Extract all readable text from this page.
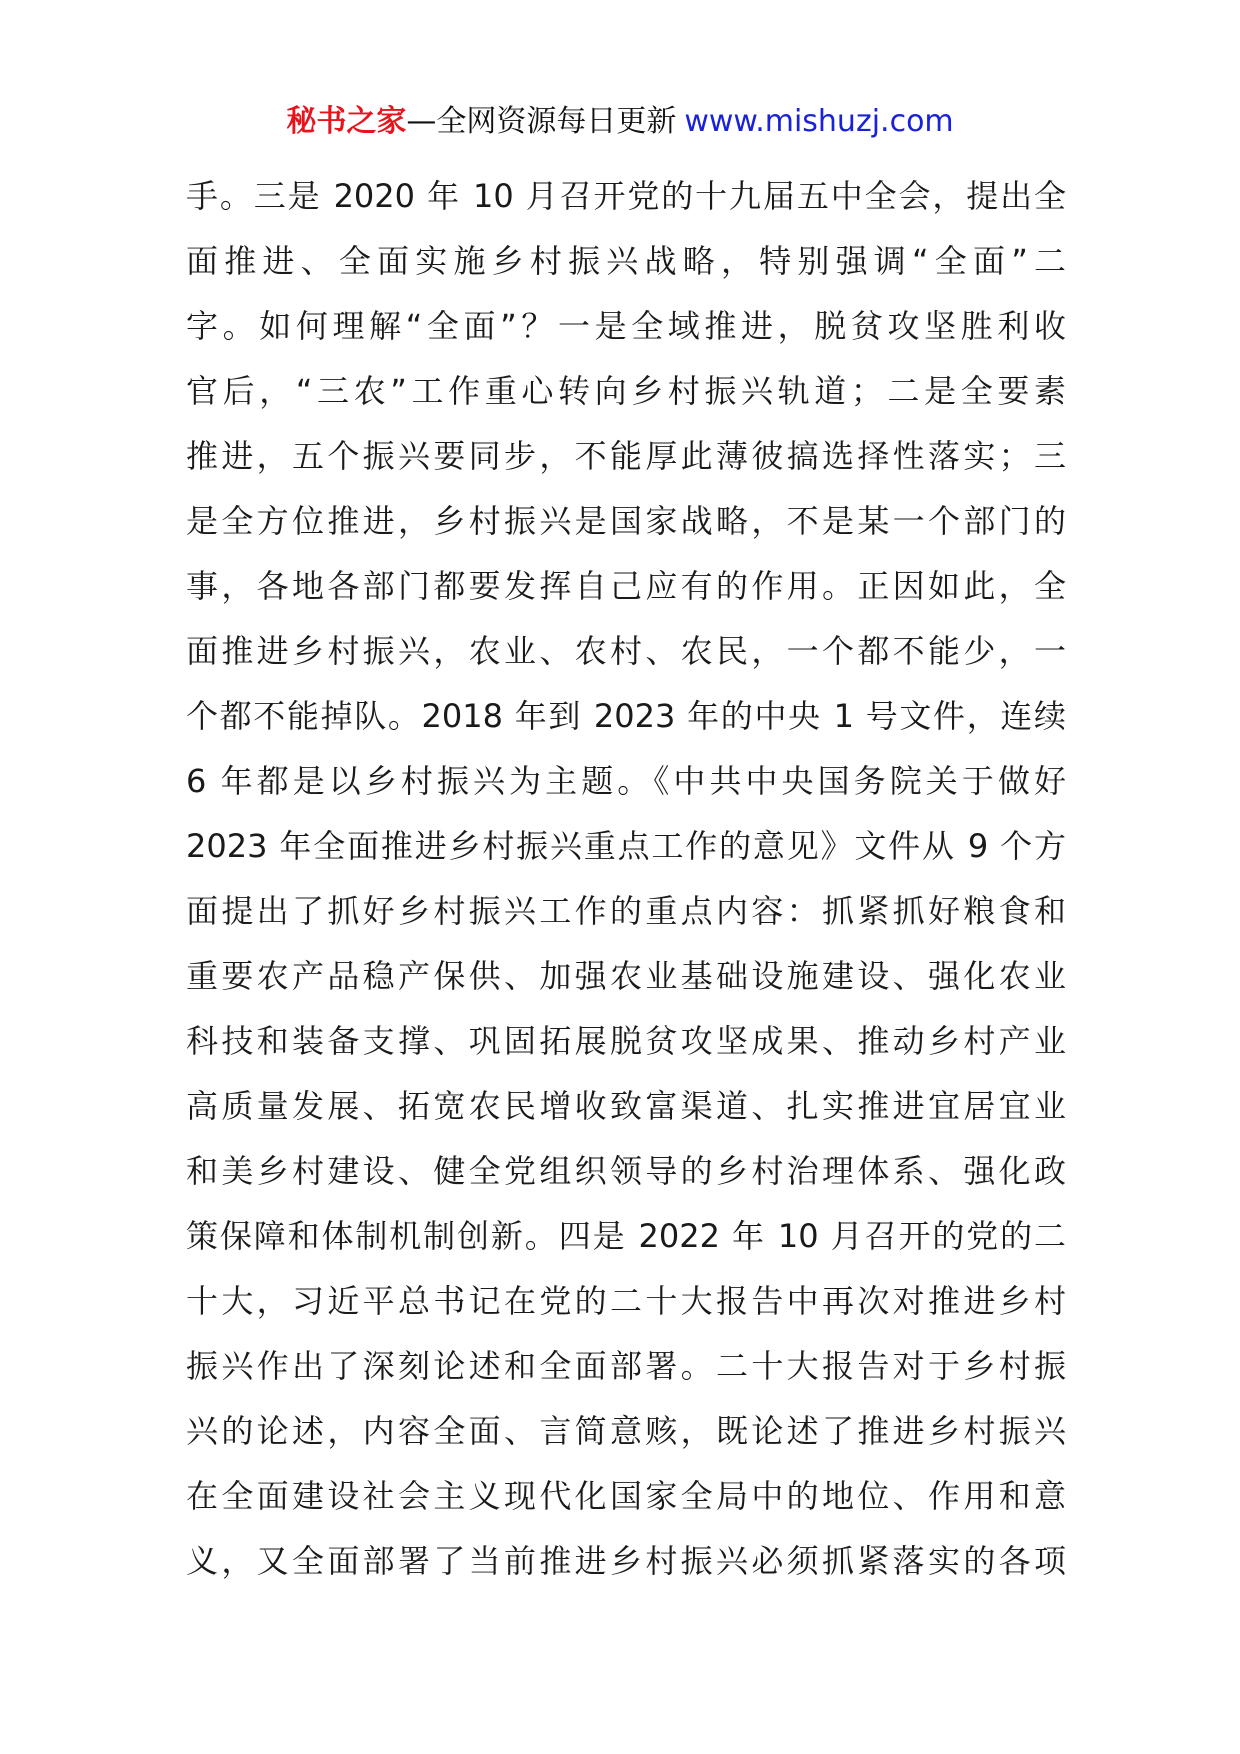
秘书之家—全网资源每日更新 www.mishuzj.com
手。三是 2020 年 10 月召开党的十九届五中全会，提出全
面推进、全面实施乡村振兴战略，特别强调“全面”二
字。如何理解“全面”？一是全域推进，脱贫攻坚胜利收
官后，“三农”工作重心转向乡村振兴轨道；二是全要素
推进，五个振兴要同步，不能厚此薄彼搞选择性落实；三
是全方位推进，乡村振兴是国家战略，不是某一个部门的
事，各地各部门都要发挥自己应有的作用。正因如此，全
面推进乡村振兴，农业、农村、农民，一个都不能少，一
个都不能掉队。2018 年到 2023 年的中央 1 号文件，连续
6 年都是以乡村振兴为主题。《中共中央国务院关于做好
2023 年全面推进乡村振兴重点工作的意见》文件从 9 个方
面提出了抓好乡村振兴工作的重点内容：抓紧抓好粮食和
重要农产品稳产保供、加强农业基础设施建设、强化农业
科技和装备支撑、巩固拓展脱贫攻坚成果、推动乡村产业
高质量发展、拓宽农民增收致富渠道、扎实推进宜居宜业
和美乡村建设、健全党组织领导的乡村治理体系、强化政
策保障和体制机制创新。四是 2022 年 10 月召开的党的二
十大，习近平总书记在党的二十大报告中再次对推进乡村
振兴作出了深刻论述和全面部署。二十大报告对于乡村振
兴的论述，内容全面、言简意赅，既论述了推进乡村振兴
在全面建设社会主义现代化国家全局中的地位、作用和意
义，又全面部署了当前推进乡村振兴必须抓紧落实的各项
